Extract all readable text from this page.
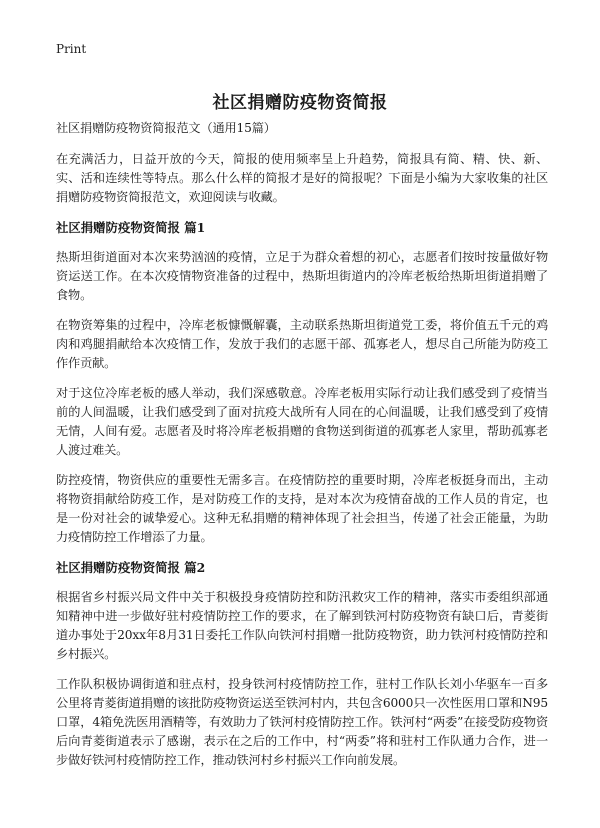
Print
社区捐赠防疫物资简报

社区捐赠防疫物资简报范文（通用15篇）

在充满活力，日益开放的今天，简报的使用频率呈上升趋势，简报具有简、精、快、新、实、活和连续性等特点。那么什么样的简报才是好的简报呢？下面是小编为大家收集的社区捐赠防疫物资简报范文，欢迎阅读与收藏。

社区捐赠防疫物资简报 篇1

热斯坦街道面对本次来势汹汹的疫情，立足于为群众着想的初心，志愿者们按时按量做好物资运送工作。在本次疫情物资准备的过程中，热斯坦街道内的冷库老板给热斯坦街道捐赠了食物。

在物资筹集的过程中，冷库老板慷慨解囊，主动联系热斯坦街道党工委，将价值五千元的鸡肉和鸡腿捐献给本次疫情工作，发放于我们的志愿干部、孤寡老人，想尽自己所能为防疫工作作贡献。

对于这位冷库老板的感人举动，我们深感敬意。冷库老板用实际行动让我们感受到了疫情当前的人间温暖，让我们感受到了面对抗疫大战所有人同在的心间温暖，让我们感受到了疫情无情，人间有爱。志愿者及时将冷库老板捐赠的食物送到街道的孤寡老人家里，帮助孤寡老人渡过难关。

防控疫情，物资供应的重要性无需多言。在疫情防控的重要时期，冷库老板挺身而出，主动将物资捐献给防疫工作，是对防疫工作的支持，是对本次为疫情奋战的工作人员的肯定，也是一份对社会的诚挚爱心。这种无私捐赠的精神体现了社会担当，传递了社会正能量，为助力疫情防控工作增添了力量。

社区捐赠防疫物资简报 篇2

根据省乡村振兴局文件中关于积极投身疫情防控和防汛救灾工作的精神，落实市委组织部通知精神中进一步做好驻村疫情防控工作的要求，在了解到铁河村防疫物资有缺口后，青菱街道办事处于20xx年8月31日委托工作队向铁河村捐赠一批防疫物资，助力铁河村疫情防控和乡村振兴。

工作队积极协调街道和驻点村，投身铁河村疫情防控工作，驻村工作队长刘小华驱车一百多公里将青菱街道捐赠的该批防疫物资运送至铁河村内，共包含6000只一次性医用口罩和N95口罩，4箱免洗医用酒精等，有效助力了铁河村疫情防控工作。铁河村“两委”在接受防疫物资后向青菱街道表示了感谢，表示在之后的工作中，村“两委”将和驻村工作队通力合作，进一步做好铁河村疫情防控工作，推动铁河村乡村振兴工作向前发展。
